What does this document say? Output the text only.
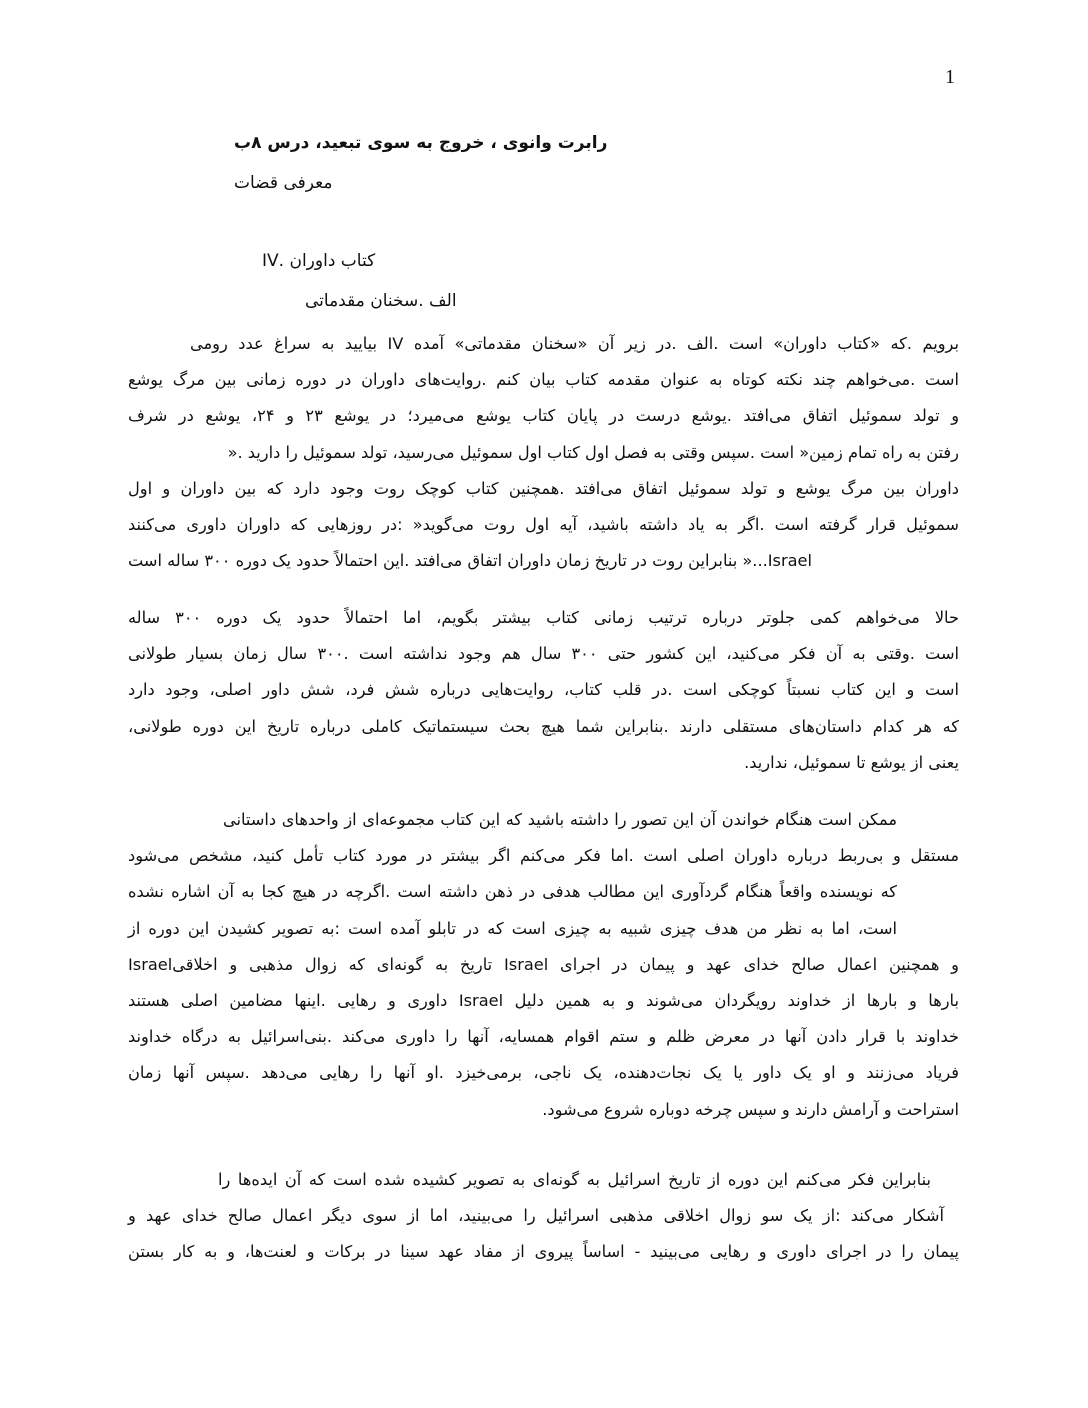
1
رابرت وانوی ، خروج به سوی تبعید، درس ۸ب
معرفی قضات
کتاب داوران .IV
الف .سخنان مقدماتی
برویم .که «کتاب داوران» است .الف .در زیر آن «سخنان مقدماتی» آمده IV بیایید به سراغ عدد رومی
است .می‌خواهم چند نکته کوتاه به عنوان مقدمه کتاب بیان کنم .روایت‌های داوران در دوره زمانی بین مرگ یوشع
و تولد سموئیل اتفاق می‌افتد .یوشع درست در پایان کتاب یوشع می‌میرد؛ در یوشع ۲۳ و ۲۴، یوشع در شرف
رفتن به راه تمام زمین« است .سپس وقتی به فصل اول کتاب اول سموئیل می‌رسید، تولد سموئیل را دارید .«
داوران بین مرگ یوشع و تولد سموئیل اتفاق می‌افتد .همچنین کتاب کوچک روت وجود دارد که بین داوران و اول
سموئیل قرار گرفته است .اگر به یاد داشته باشید، آیه اول روت می‌گوید« :در روزهایی که داوران داوری می‌کنند
Israel...« بنابراین روت در تاریخ زمان داوران اتفاق می‌افتد .این احتمالاً حدود یک دوره ۳۰۰ ساله است
حالا می‌خواهم کمی جلوتر درباره ترتیب زمانی کتاب بیشتر بگویم، اما احتمالاً حدود یک دوره ۳۰۰ ساله
است .وقتی به آن فکر می‌کنید، این کشور حتی ۳۰۰ سال هم وجود نداشته است .۳۰۰ سال زمان بسیار طولانی
است و این کتاب نسبتاً کوچکی است .در قلب کتاب، روایت‌هایی درباره شش فرد، شش داور اصلی، وجود دارد
که هر کدام داستان‌های مستقلی دارند .بنابراین شما هیچ بحث سیستماتیک کاملی درباره تاریخ این دوره طولانی،
یعنی از یوشع تا سموئیل، ندارید.
ممکن است هنگام خواندن آن این تصور را داشته باشید که این کتاب مجموعه‌ای از واحدهای داستانی
مستقل و بی‌ربط درباره داوران اصلی است .اما فکر می‌کنم اگر بیشتر در مورد کتاب تأمل کنید، مشخص می‌شود
که نویسنده واقعاً هنگام گردآوری این مطالب هدفی در ذهن داشته است .اگرچه در هیچ کجا به آن اشاره نشده
است، اما به نظر من هدف چیزی شبیه به چیزی است که در تابلو آمده است :به تصویر کشیدن این دوره از
و همچنین اعمال صالح خدای عهد و پیمان در اجرای Israel تاریخ به گونه‌ای که زوال مذهبی و اخلاقیIsrael
بارها و بارها از خداوند رویگردان می‌شوند و به همین دلیل Israel داوری و رهایی .اینها مضامین اصلی هستند
خداوند با قرار دادن آنها در معرض ظلم و ستم اقوام همسایه، آنها را داوری می‌کند .بنی‌اسرائیل به درگاه خداوند
فریاد می‌زنند و او یک داور یا یک نجات‌دهنده، یک ناجی، برمی‌خیزد .او آنها را رهایی می‌دهد .سپس آنها زمان
استراحت و آرامش دارند و سپس چرخه دوباره شروع می‌شود.
بنابراین فکر می‌کنم این دوره از تاریخ اسرائیل به گونه‌ای به تصویر کشیده شده است که آن ایده‌ها را
آشکار می‌کند :از یک سو زوال اخلاقی مذهبی اسرائیل را می‌بینید، اما از سوی دیگر اعمال صالح خدای عهد و
پیمان را در اجرای داوری و رهایی می‌بینید - اساساً پیروی از مفاد عهد سینا در برکات و لعنت‌ها، و به کار بستن
